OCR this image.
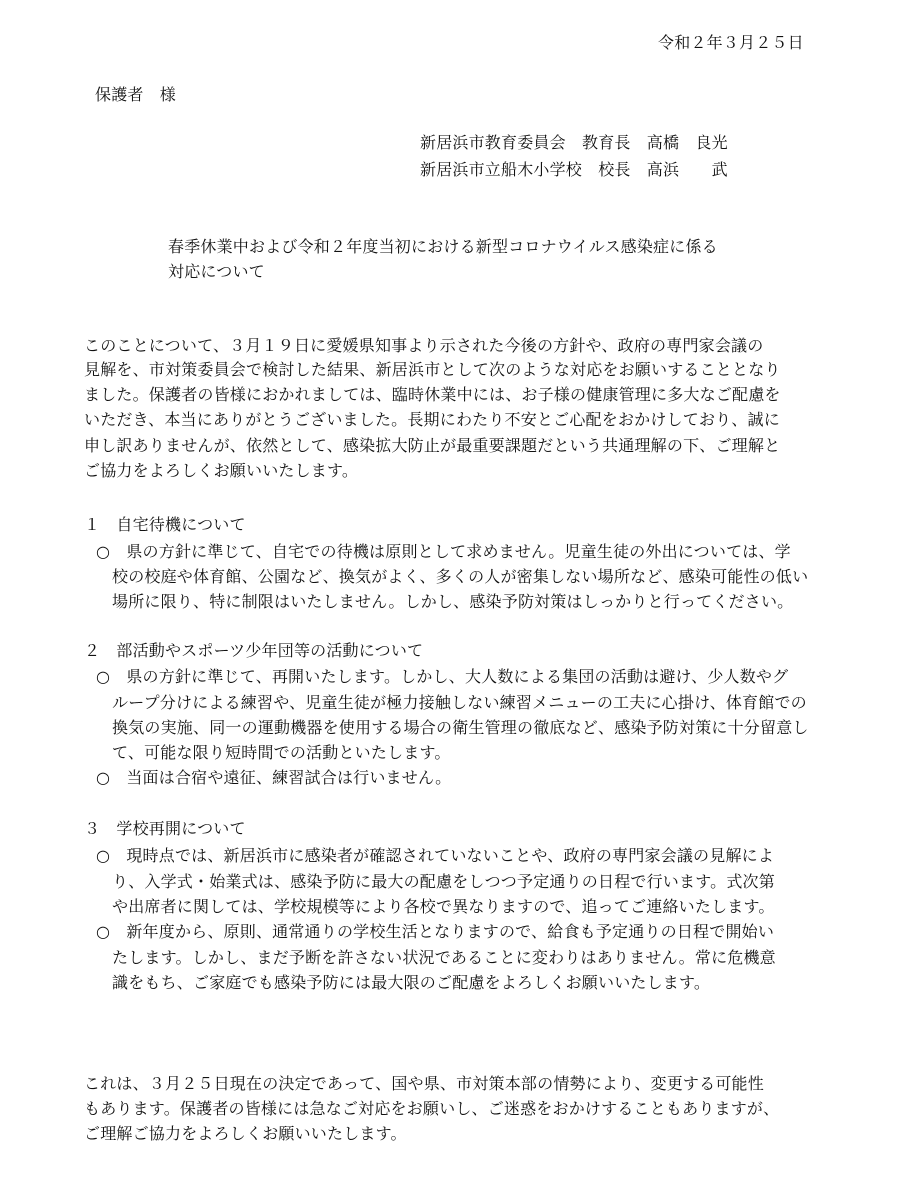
令和２年３月２５日
保護者　様
新居浜市教育委員会　教育長　高橋　良光
新居浜市立船木小学校　校長　高浜　　武
春季休業中および令和２年度当初における新型コロナウイルス感染症に係る
対応について
このことについて、３月１９日に愛媛県知事より示された今後の方針や、政府の専門家会議の
見解を、市対策委員会で検討した結果、新居浜市として次のような対応をお願いすることとなり
ました。保護者の皆様におかれましては、臨時休業中には、お子様の健康管理に多大なご配慮を
いただき、本当にありがとうございました。長期にわたり不安とご心配をおかけしており、誠に
申し訳ありませんが、依然として、感染拡大防止が最重要課題だという共通理解の下、ご理解と
ご協力をよろしくお願いいたします。
１　自宅待機について
○　県の方針に準じて、自宅での待機は原則として求めません。児童生徒の外出については、学
校の校庭や体育館、公園など、換気がよく、多くの人が密集しない場所など、感染可能性の低い
場所に限り、特に制限はいたしません。しかし、感染予防対策はしっかりと行ってください。
２　部活動やスポーツ少年団等の活動について
○　県の方針に準じて、再開いたします。しかし、大人数による集団の活動は避け、少人数やグ
ループ分けによる練習や、児童生徒が極力接触しない練習メニューの工夫に心掛け、体育館での
換気の実施、同一の運動機器を使用する場合の衛生管理の徹底など、感染予防対策に十分留意し
て、可能な限り短時間での活動といたします。
○　当面は合宿や遠征、練習試合は行いません。
３　学校再開について
○　現時点では、新居浜市に感染者が確認されていないことや、政府の専門家会議の見解によ
り、入学式・始業式は、感染予防に最大の配慮をしつつ予定通りの日程で行います。式次第
や出席者に関しては、学校規模等により各校で異なりますので、追ってご連絡いたします。
○　新年度から、原則、通常通りの学校生活となりますので、給食も予定通りの日程で開始い
たします。しかし、まだ予断を許さない状況であることに変わりはありません。常に危機意
識をもち、ご家庭でも感染予防には最大限のご配慮をよろしくお願いいたします。
これは、３月２５日現在の決定であって、国や県、市対策本部の情勢により、変更する可能性
もあります。保護者の皆様には急なご対応をお願いし、ご迷惑をおかけすることもありますが、
ご理解ご協力をよろしくお願いいたします。
